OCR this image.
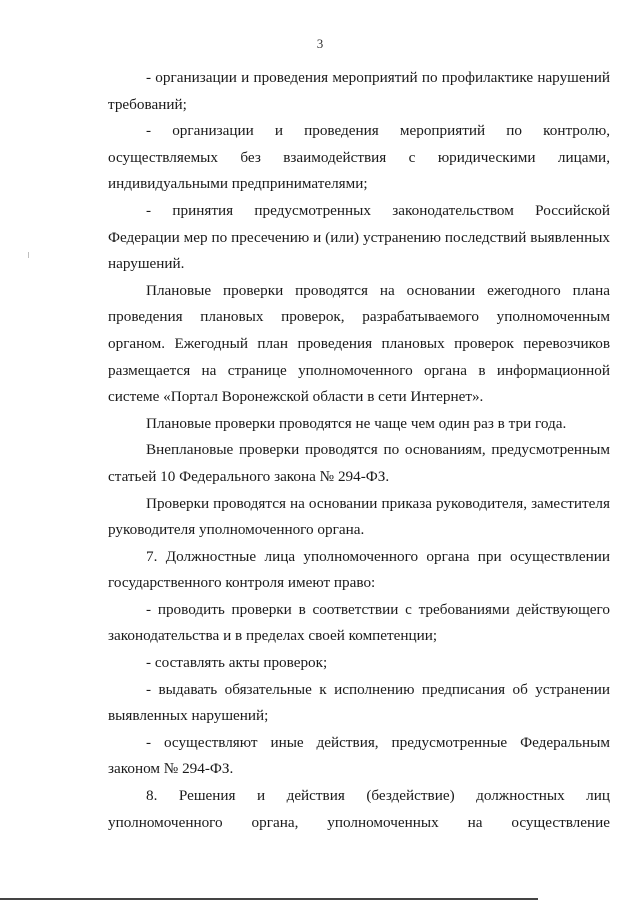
3

- организации и проведения мероприятий по профилактике нарушений требований;

- организации и проведения мероприятий по контролю, осуществляемых без взаимодействия с юридическими лицами, индивидуальными предпринимателями;

- принятия предусмотренных законодательством Российской Федерации мер по пресечению и (или) устранению последствий выявленных нарушений.

Плановые проверки проводятся на основании ежегодного плана проведения плановых проверок, разрабатываемого уполномоченным органом. Ежегодный план проведения плановых проверок перевозчиков размещается на странице уполномоченного органа в информационной системе «Портал Воронежской области в сети Интернет».

Плановые проверки проводятся не чаще чем один раз в три года.

Внеплановые проверки проводятся по основаниям, предусмотренным статьей 10 Федерального закона № 294-ФЗ.

Проверки проводятся на основании приказа руководителя, заместителя руководителя уполномоченного органа.

7. Должностные лица уполномоченного органа при осуществлении государственного контроля имеют право:

- проводить проверки в соответствии с требованиями действующего законодательства и в пределах своей компетенции;

- составлять акты проверок;

- выдавать обязательные к исполнению предписания об устранении выявленных нарушений;

- осуществляют иные действия, предусмотренные Федеральным законом № 294-ФЗ.

8. Решения и действия (бездействие) должностных лиц уполномоченного органа, уполномоченных на осуществление
